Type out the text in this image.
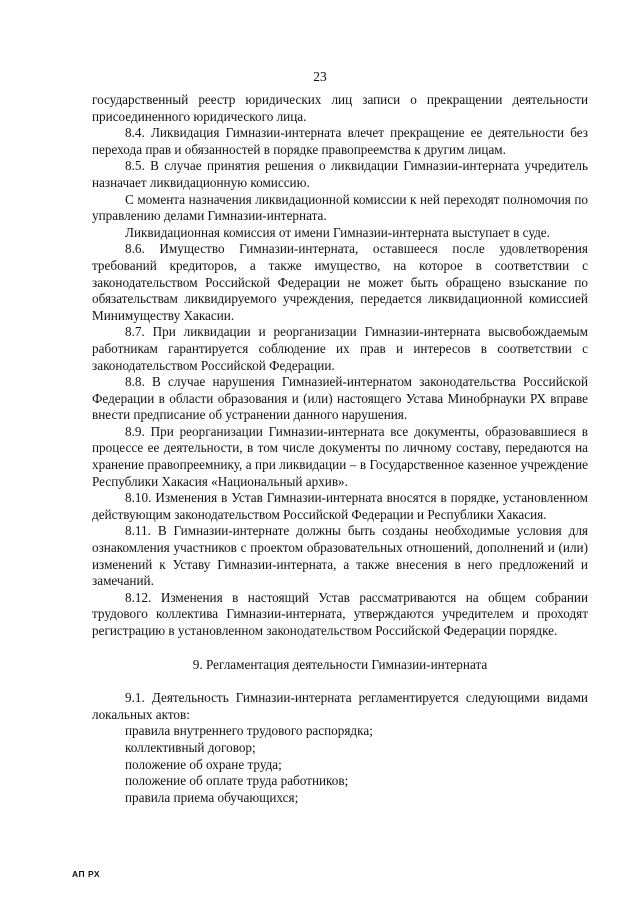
23

государственный реестр юридических лиц записи о прекращении деятельности присоединенного юридического лица.

8.4. Ликвидация Гимназии-интерната влечет прекращение ее деятельности без перехода прав и обязанностей в порядке правопреемства к другим лицам.

8.5. В случае принятия решения о ликвидации Гимназии-интерната учредитель назначает ликвидационную комиссию.

С момента назначения ликвидационной комиссии к ней переходят полномочия по управлению делами Гимназии-интерната.

Ликвидационная комиссия от имени Гимназии-интерната выступает в суде.

8.6. Имущество Гимназии-интерната, оставшееся после удовлетворения требований кредиторов, а также имущество, на которое в соответствии с законодательством Российской Федерации не может быть обращено взыскание по обязательствам ликвидируемого учреждения, передается ликвидационной комиссией Минимуществу Хакасии.

8.7. При ликвидации и реорганизации Гимназии-интерната высвобождаемым работникам гарантируется соблюдение их прав и интересов в соответствии с законодательством Российской Федерации.

8.8. В случае нарушения Гимназией-интернатом законодательства Российской Федерации в области образования и (или) настоящего Устава Минобрнауки РХ вправе внести предписание об устранении данного нарушения.

8.9. При реорганизации Гимназии-интерната все документы, образовавшиеся в процессе ее деятельности, в том числе документы по личному составу, передаются на хранение правопреемнику, а при ликвидации – в Государственное казенное учреждение Республики Хакасия «Национальный архив».

8.10. Изменения в Устав Гимназии-интерната вносятся в порядке, установленном действующим законодательством Российской Федерации и Республики Хакасия.

8.11. В Гимназии-интернате должны быть созданы необходимые условия для ознакомления участников с проектом образовательных отношений, дополнений и (или) изменений к Уставу Гимназии-интерната, а также внесения в него предложений и замечаний.

8.12. Изменения в настоящий Устав рассматриваются на общем собрании трудового коллектива Гимназии-интерната, утверждаются учредителем и проходят регистрацию в установленном законодательством Российской Федерации порядке.

9. Регламентация деятельности Гимназии-интерната

9.1. Деятельность Гимназии-интерната регламентируется следующими видами локальных актов:

правила внутреннего трудового распорядка;
коллективный договор;
положение об охране труда;
положение об оплате труда работников;
правила приема обучающихся;
АП РХ
